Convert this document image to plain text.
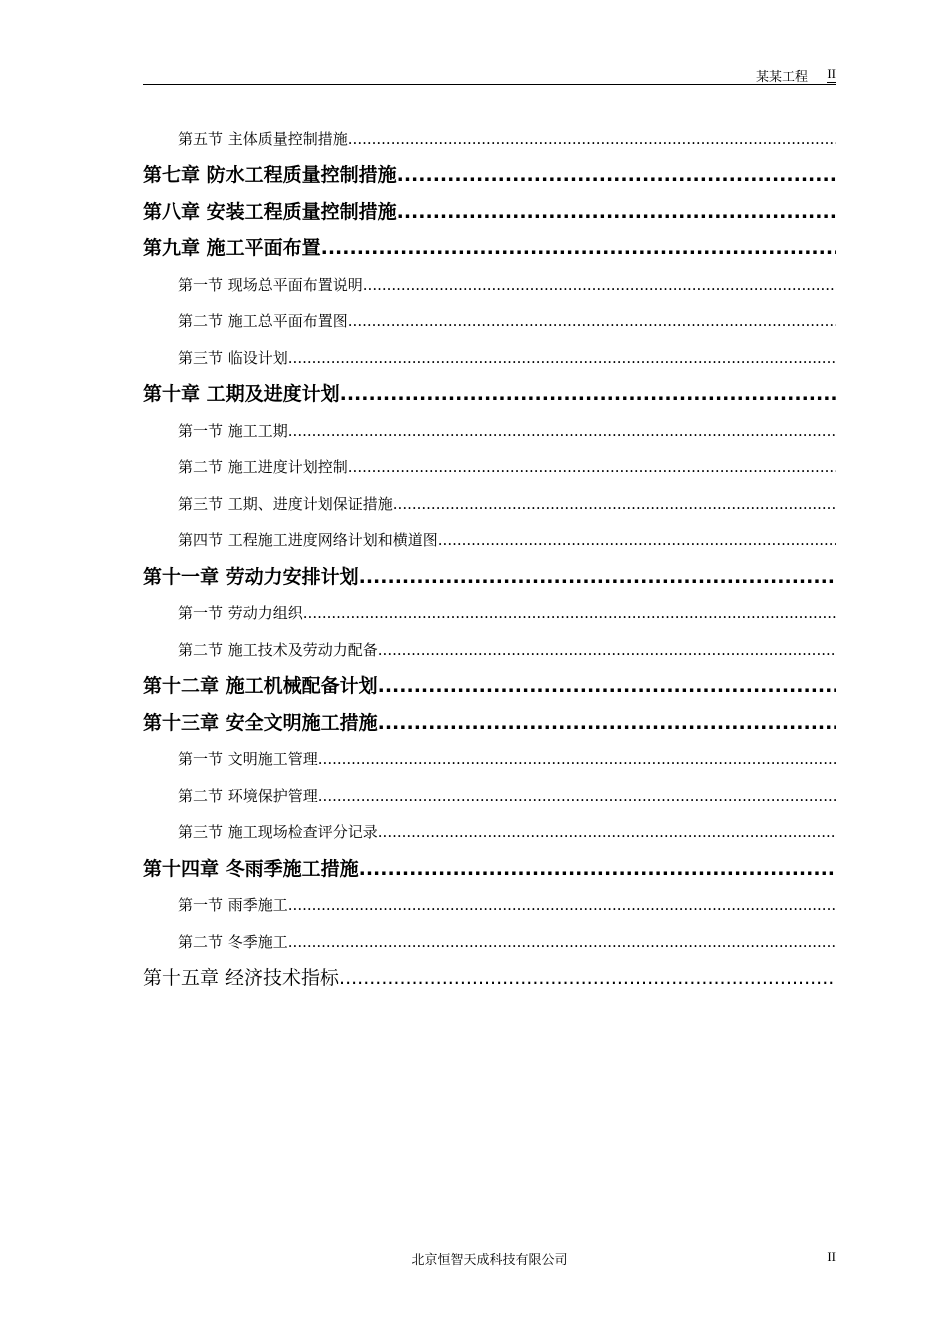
某某工程 II
第五节 主体质量控制措施
.....
第七章 防水工程质量控制措施
.....
第八章 安装工程质量控制措施
.....
第九章 施工平面布置
.....
第一节 现场总平面布置说明
.....
第二节 施工总平面布置图
.....
第三节 临设计划
.....
第十章 工期及进度计划
.....
第一节 施工工期
.....
第二节 施工进度计划控制
.....
第三节 工期、进度计划保证措施
.....
第四节 工程施工进度网络计划和横道图
.....
第十一章 劳动力安排计划
.....
第一节 劳动力组织
.....
第二节 施工技术及劳动力配备
.....
第十二章 施工机械配备计划
.....
第十三章 安全文明施工措施
.....
第一节 文明施工管理
.....
第二节 环境保护管理
.....
第三节 施工现场检查评分记录
.....
第十四章 冬雨季施工措施
.....
第一节 雨季施工
.....
第二节 冬季施工
.....
第十五章 经济技术指标
.....
北京恒智天成科技有限公司	II
